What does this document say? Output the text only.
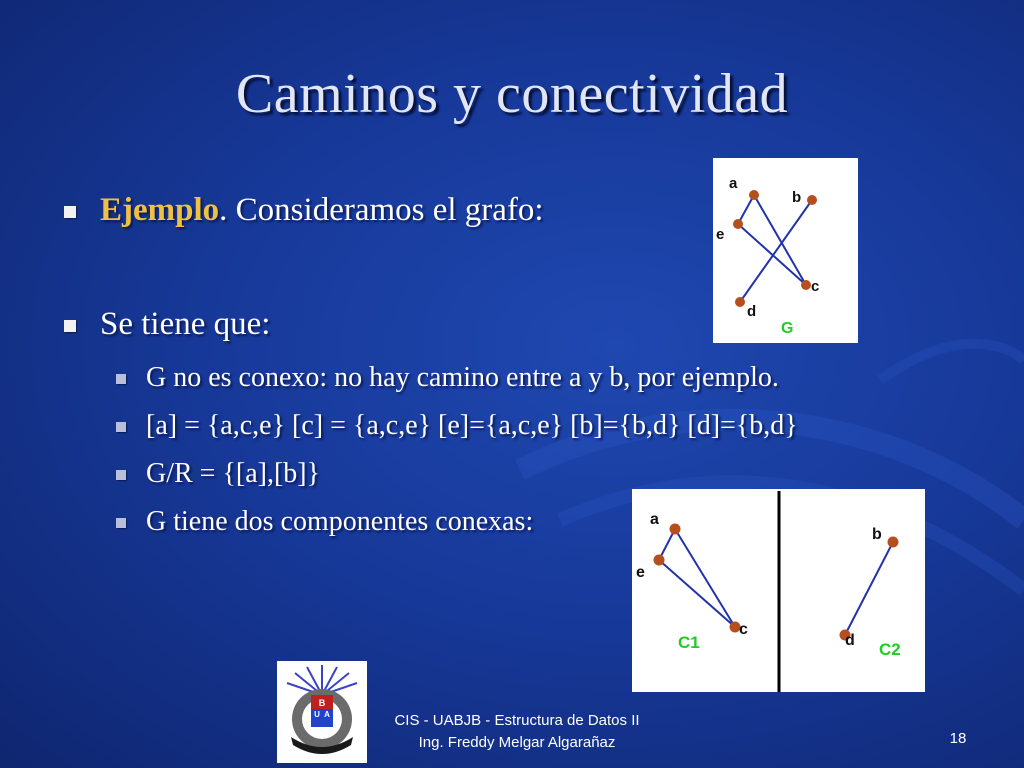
Caminos y conectividad
Ejemplo. Consideramos el grafo:
Se tiene que:
G no es conexo: no hay camino entre a y b, por ejemplo.
[a] = {a,c,e} [c] = {a,c,e} [e]={a,c,e} [b]={b,d} [d]={b,d}
G/R = {[a],[b]}
G tiene dos componentes conexas:
a
b
c
d
e
G
a
e
c
b
d
C1	C2
B
U A	CIS - UABJB - Estructura de Datos II
Ing. Freddy Melgar Algarañaz	18
